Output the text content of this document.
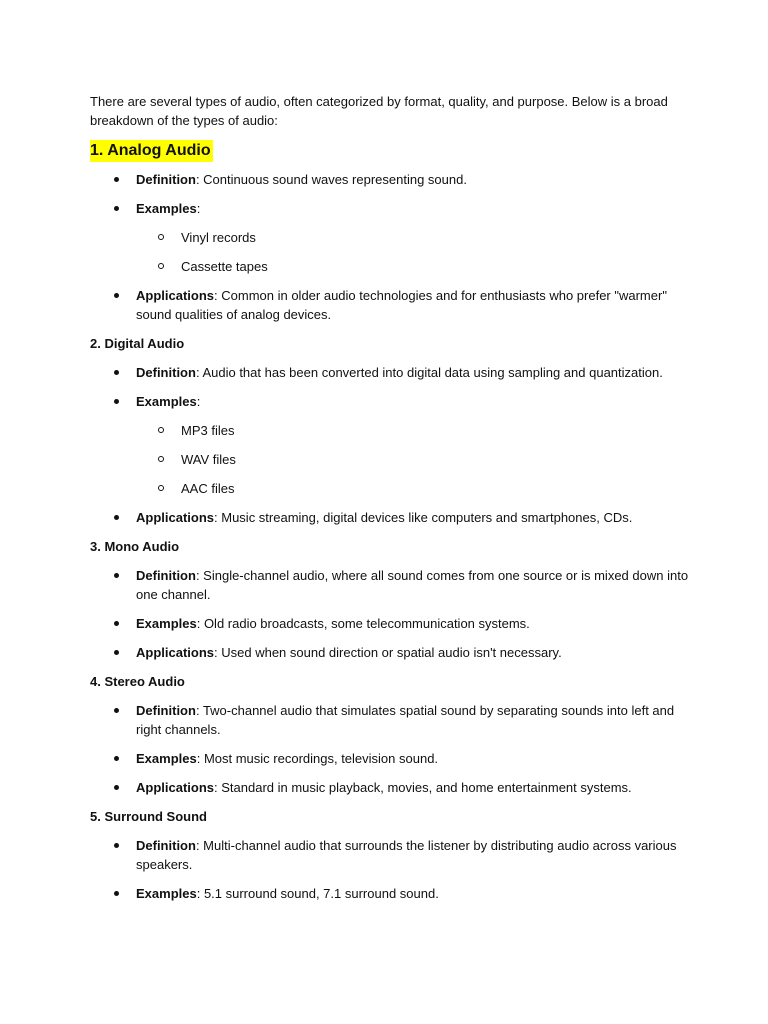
There are several types of audio, often categorized by format, quality, and purpose. Below is a broad breakdown of the types of audio:

1. Analog Audio
Definition: Continuous sound waves representing sound.
Examples:
Vinyl records
Cassette tapes
Applications: Common in older audio technologies and for enthusiasts who prefer "warmer" sound qualities of analog devices.
2. Digital Audio
Definition: Audio that has been converted into digital data using sampling and quantization.
Examples:
MP3 files
WAV files
AAC files
Applications: Music streaming, digital devices like computers and smartphones, CDs.
3. Mono Audio
Definition: Single-channel audio, where all sound comes from one source or is mixed down into one channel.
Examples: Old radio broadcasts, some telecommunication systems.
Applications: Used when sound direction or spatial audio isn't necessary.
4. Stereo Audio
Definition: Two-channel audio that simulates spatial sound by separating sounds into left and right channels.
Examples: Most music recordings, television sound.
Applications: Standard in music playback, movies, and home entertainment systems.
5. Surround Sound
Definition: Multi-channel audio that surrounds the listener by distributing audio across various speakers.
Examples: 5.1 surround sound, 7.1 surround sound.
